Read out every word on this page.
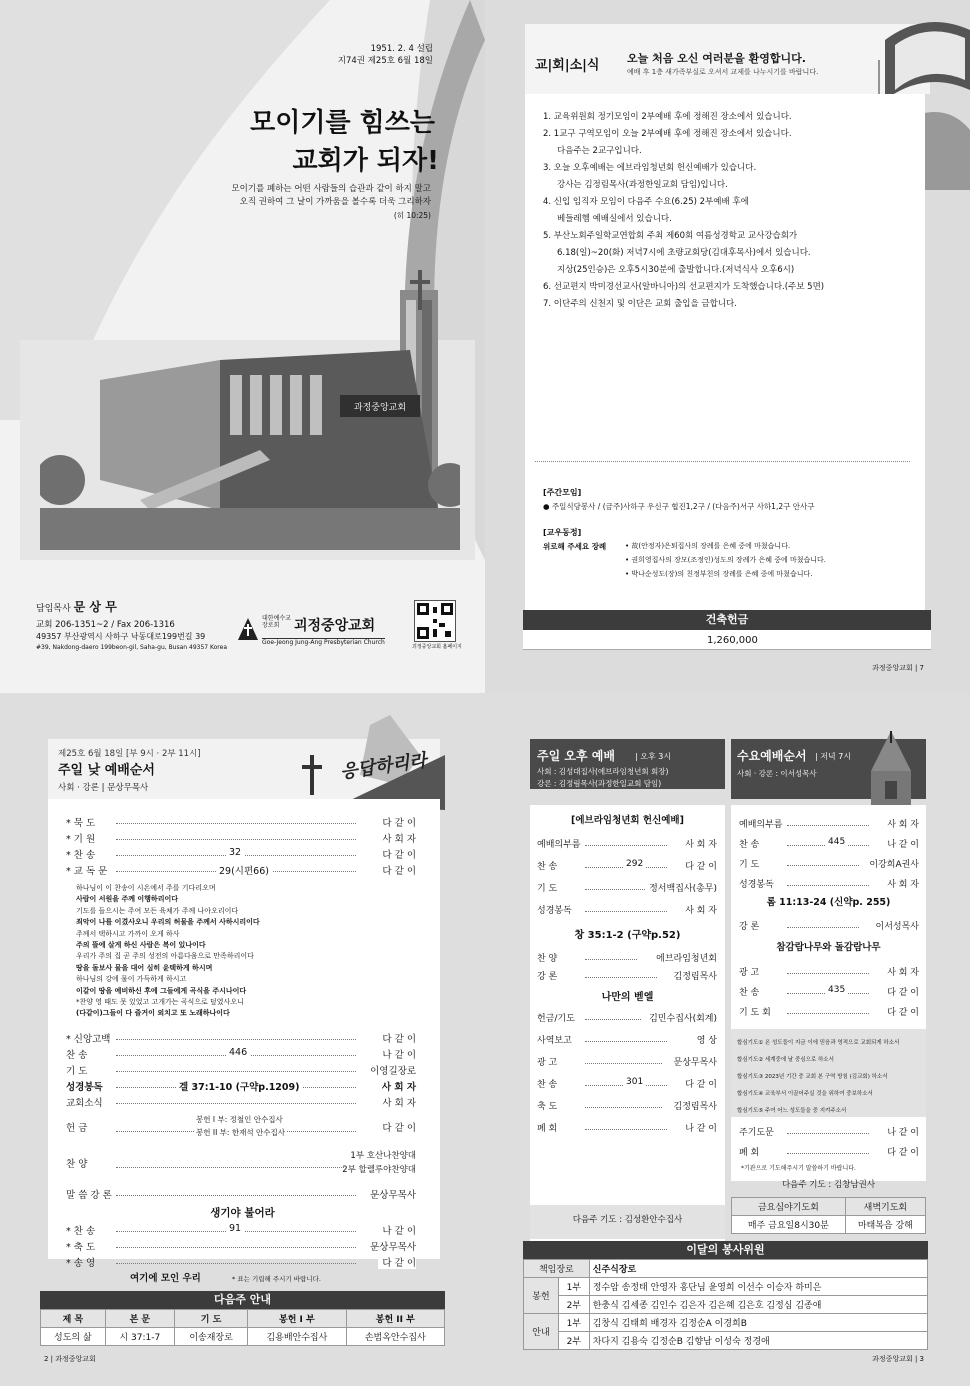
1951. 2. 4 설립
지74권 제25호 6월 18일
모이기를 힘쓰는
교회가 되자!
모이기를 폐하는 어떤 사람들의 습관과 같이 하지 말고
오직 권하여 그 날이 가까움을 볼수록 더욱 그리하자
(히 10:25)
과정중앙교회
담임목사 문 상 무
교회 206-1351~2 / Fax 206-1316
49357 부산광역시 사하구 낙동대로199번길 39
#39, Nakdong-daero 199beon-gil, Saha-gu, Busan 49357 Korea
대한예수교 장로회	괴정중앙교회
Goe-Jeong Jung-Ang Presbyterian Church
괴정중앙교회 홈페이지
교|회|소|식	오늘 처음 오신 여러분을 환영합니다.
예배 후 1층 새가족부실로 오셔서 교제를 나누시기를 바랍니다.
1. 교육위원회 정기모임이 2부예배 후에 정해진 장소에서 있습니다.
2. 1교구 구역모임이 오늘 2부예배 후에 정해진 장소에서 있습니다.
다음주는 2교구입니다.
3. 오늘 오후예배는 에브라임청년회 헌신예배가 있습니다.
강사는 김정림목사(과정한일교회 담임)입니다.
4. 신입 임직자 모임이 다음주 수요(6.25) 2부예배 후에
베들레헴 예배실에서 있습니다.
5. 부산노회주일학교연합회 주최 제60회 여름성경학교 교사강습회가
6.18(일)~20(화) 저녁7시에 초량교회당(김대후목사)에서 있습니다.
지상(25인승)은 오후5시30분에 출발합니다.(저녁식사 오후6시)
6. 선교편지 박미경선교사(알바니아)의 선교편지가 도착했습니다.(주보 5면)
7. 이단주의 신천지 및 이단은 교회 출입을 금합니다.
[주간모임]
● 주일식당봉사 / (금주)사하구 우신구 협진1,2구 / (다음주)서구 사하1,2구 안사구
[교우동정]
위로해 주세요 장례	• 故(안정자)은퇴집사의 장례를 은혜 중에 마쳤습니다.
• 권희영집사의 장모(조정인)성도의 장례가 은혜 중에 마쳤습니다.
• 박나순성도(장)의 친정부친의 장례를 은혜 중에 마쳤습니다.
건축헌금
1,260,000
과정중앙교회 | 7
제25호 6월 18일 [부 9시 · 2부 11시]
주일 낮 예배순서
사회 · 강론 | 문상무목사
응답하리라
* 묵 도	다 같 이
* 기 원	사 회 자
* 찬 송	32	다 같 이
* 교 독 문	29(시편66)	다 같 이
하나님이 이 찬송이 시온에서 주를 기다리오며
사람이 서원을 주께 이행하리이다
기도를 들으시는 주여 모든 육체가 주께 나아오리이다
죄악이 나를 이겼사오니 우리의 허물을 주께서 사하시리이다
주께서 택하시고 가까이 오게 하사
주의 뜰에 살게 하신 사람은 복이 있나이다
우리가 주의 집 곧 주의 성전의 아름다움으로 만족하리이다
땅을 돌보사 물을 대어 심히 윤택하게 하시며
하나님의 강에 물이 가득하게 하시고
이같이 땅을 예비하신 후에 그들에게 곡식을 주시나이다
*찬양 영 때도 못 있었고 고개가는 곡식으로 덮였사오니
(다같이)그들이 다 즐거이 외치고 또 노래하나이다
* 신앙고백	다 같 이
찬 송	446	나 같 이
기 도	이영길장로
성경봉독	겔 37:1-10 (구약p.1209)	사 회 자
교회소식	사 회 자
헌 금
봉헌 I 부: 정철인 안수집사
봉헌 II 부: 한재석 안수집사	다 같 이
찬 양
1부 호산나찬양대
2부 할렐루야찬양대
말 씀 강 론	문상무목사
생기야 불어라
* 찬 송	91	나 같 이
* 축 도	문상무목사
* 송 영	다 같 이
여기에 모인 우리	* 표는 기립해 주시기 바랍니다.
다음주 안내
제 목	본 문	기 도	봉헌 I 부	봉헌 II 부
성도의 삶	시 37:1-7	이송재장로	김용배안수집사	손범옥안수집사
2 | 과정중앙교회
주일 오후 예배	| 오후 3시
사회 : 김성대집사(에브라임청년회 회장)
강론 : 김정림목사(과정한일교회 담임)
[에브라임청년회 헌신예배]
예배의부름	사 회 자
찬 송	292	다 같 이
기 도	정서백집사(총무)
성경봉독	사 회 자
창 35:1-2 (구약p.52)
찬 양	에브라임청년회
강 론	김정림목사
나만의 벧엘
헌금/기도	김민수집사(회계)
사역보고	영 상
광 고	문상무목사
찬 송	301	다 같 이
축 도	김정림목사
폐 회	나 같 이
다음주 기도 : 김성환안수집사
수요예배순서 | 저녁 7시
사회 · 강론 : 이서성목사
예배의부름	사 회 자
찬 송	445	나 같 이
기 도	이강희A권사
성경봉독	사 회 자
롬 11:13-24 (신약p. 255)
강 론	이서성목사
참감람나무와 돌감람나무
광 고	사 회 자
찬 송	435	다 같 이
기 도 회	다 같 이
합심기도① 온 성도들이 지금 이에 믿음과 영적으로 교회되게 하소서
합심기도② 세계중에 날 중심으로 하소서
합심기도③ 2023년 기간 중 교회 본 구역 방침 (김교회) 하소서
합심기도④ 교육부서 이끌어주실 것을 위하여 중보하소서
합심기도⑤ 주여 어느 성도들을 중 지켜주소서
주기도문	나 같 이
폐 회	다 같 이
*기관으로 기도해주시기 말씀하기 바랍니다.
다음주 기도 : 김창남권사
금요심야기도회	새벽기도회
매주 금요일8시30분	마태복음 강해
이달의 봉사위원
책임장로		신주식장로
봉헌	1부	정수암 송정태 안영자 홍단님 윤영희 이선수 이승자 하미은
	2부	한충식 김세종 김인수 김은자 김은혜 김은호 김정심 김종애
안내	1부	김창식 김태희 배경자 김정순A 이경희B
	2부	차다지 김용숙 김정순B 김향남 이성숙 정경애
과정중앙교회 | 3
